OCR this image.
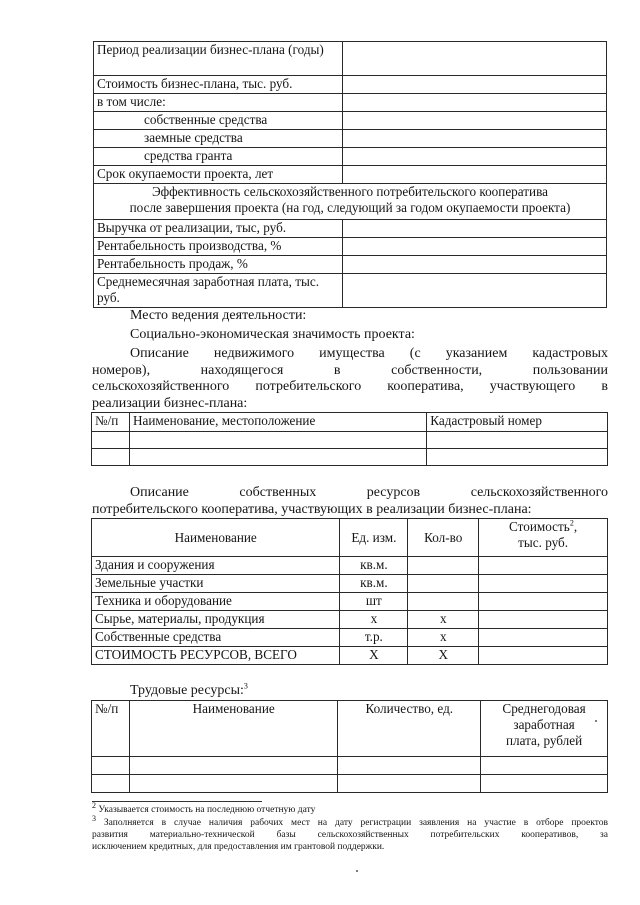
Период реализации бизнес-плана (годы)	
Стоимость бизнес-плана, тыс. руб.	
в том числе:	
собственные средства	
заемные средства	
средства гранта	
Срок окупаемости проекта, лет	

Эффективность сельскохозяйственного потребительского кооператива
после завершения проекта (на год, следующий за годом окупаемости проекта)	

Выручка от реализации, тыс, руб.	
Рентабельность производства, %	
Рентабельность продаж, %	
Среднемесячная заработная плата, тыс. руб.	
Место ведения деятельности:
Социально-экономическая значимость проекта:
Описание недвижимого имущества (с указанием кадастровых
номеров), находящегося в собственности, пользовании
сельскохозяйственного потребительского кооператива, участвующего в
реализации бизнес-плана:
№/п	Наименование, местоположение	Кадастровый номер

Описание собственных ресурсов сельскохозяйственного
потребительского кооператива, участвующих в реализации бизнес-плана:
Наименование	Ед. изм.	Кол-во	Стоимость$^2$,
тыс. руб.

Здания и сооружения	кв.м.		
Земельные участки	кв.м.		
Техника и оборудование	шт		
Сырье, материалы, продукция	х	х	
Собственные средства	т.р.	х	
СТОИМОСТЬ РЕСУРСОВ, ВСЕГО	Х	Х	
Трудовые ресурсы:$^3$
№/п	Наименование	Количество, ед.	Среднегодовая
заработная
плата, рублей

$^2$ Указывается стоимость на последнюю отчетную дату
$^3$ Заполняется в случае наличия рабочих мест на дату регистрации заявления на участие в отборе проектов
развития материально-технической базы сельскохозяйственных потребительских кооперативов, за
исключением кредитных, для предоставления им грантовой поддержки.
